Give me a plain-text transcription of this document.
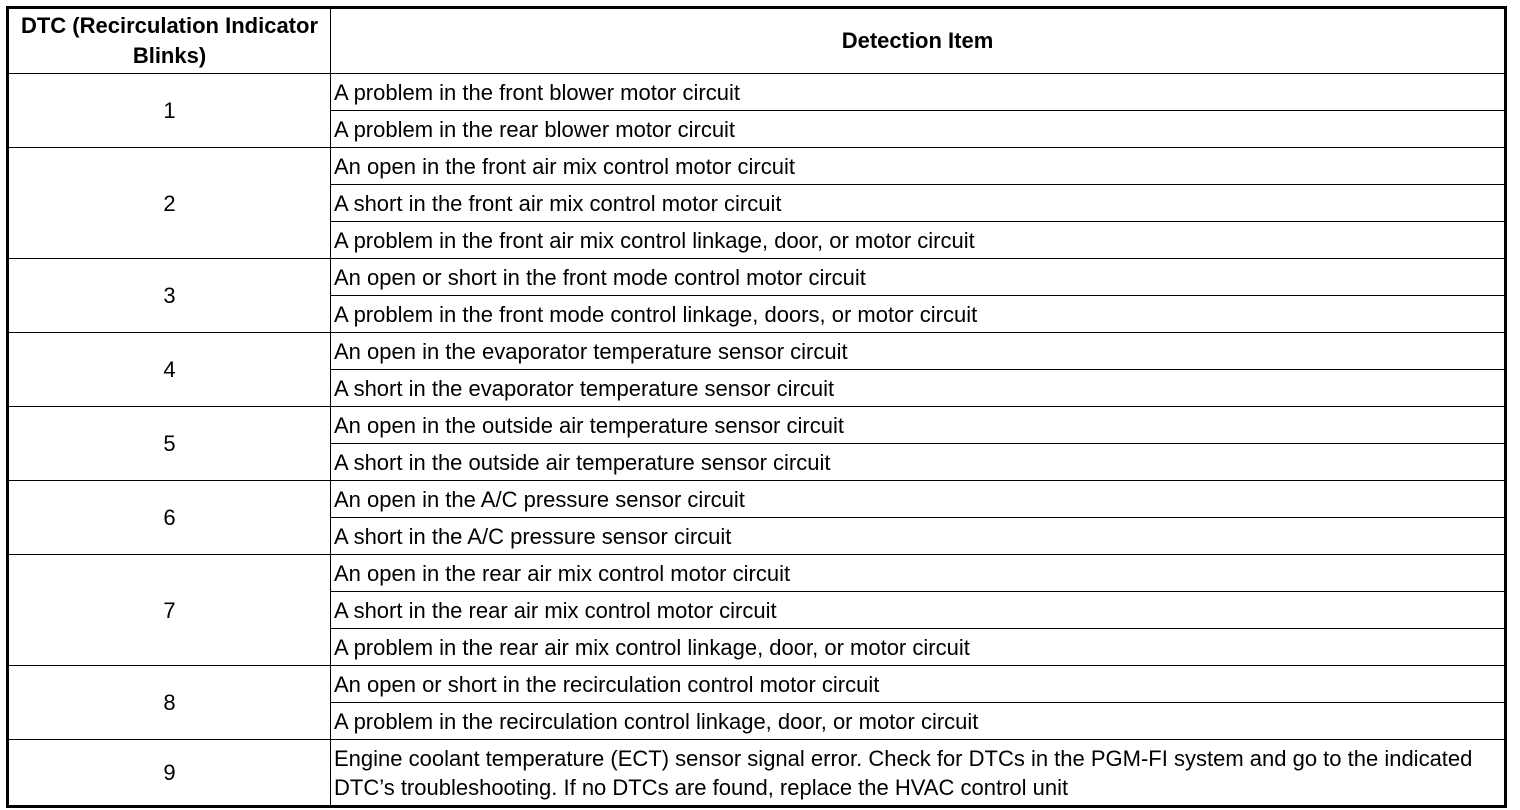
DTC (Recirculation Indicator Blinks)	Detection Item
1	A problem in the front blower motor circuit
	A problem in the rear blower motor circuit
2	An open in the front air mix control motor circuit
	A short in the front air mix control motor circuit
	A problem in the front air mix control linkage, door, or motor circuit
3	An open or short in the front mode control motor circuit
	A problem in the front mode control linkage, doors, or motor circuit
4	An open in the evaporator temperature sensor circuit
	A short in the evaporator temperature sensor circuit
5	An open in the outside air temperature sensor circuit
	A short in the outside air temperature sensor circuit
6	An open in the A/C pressure sensor circuit
	A short in the A/C pressure sensor circuit
7	An open in the rear air mix control motor circuit
	A short in the rear air mix control motor circuit
	A problem in the rear air mix control linkage, door, or motor circuit
8	An open or short in the recirculation control motor circuit
	A problem in the recirculation control linkage, door, or motor circuit
9	Engine coolant temperature (ECT) sensor signal error. Check for DTCs in the PGM-FI system and go to the indicated DTC’s troubleshooting. If no DTCs are found, replace the HVAC control unit
